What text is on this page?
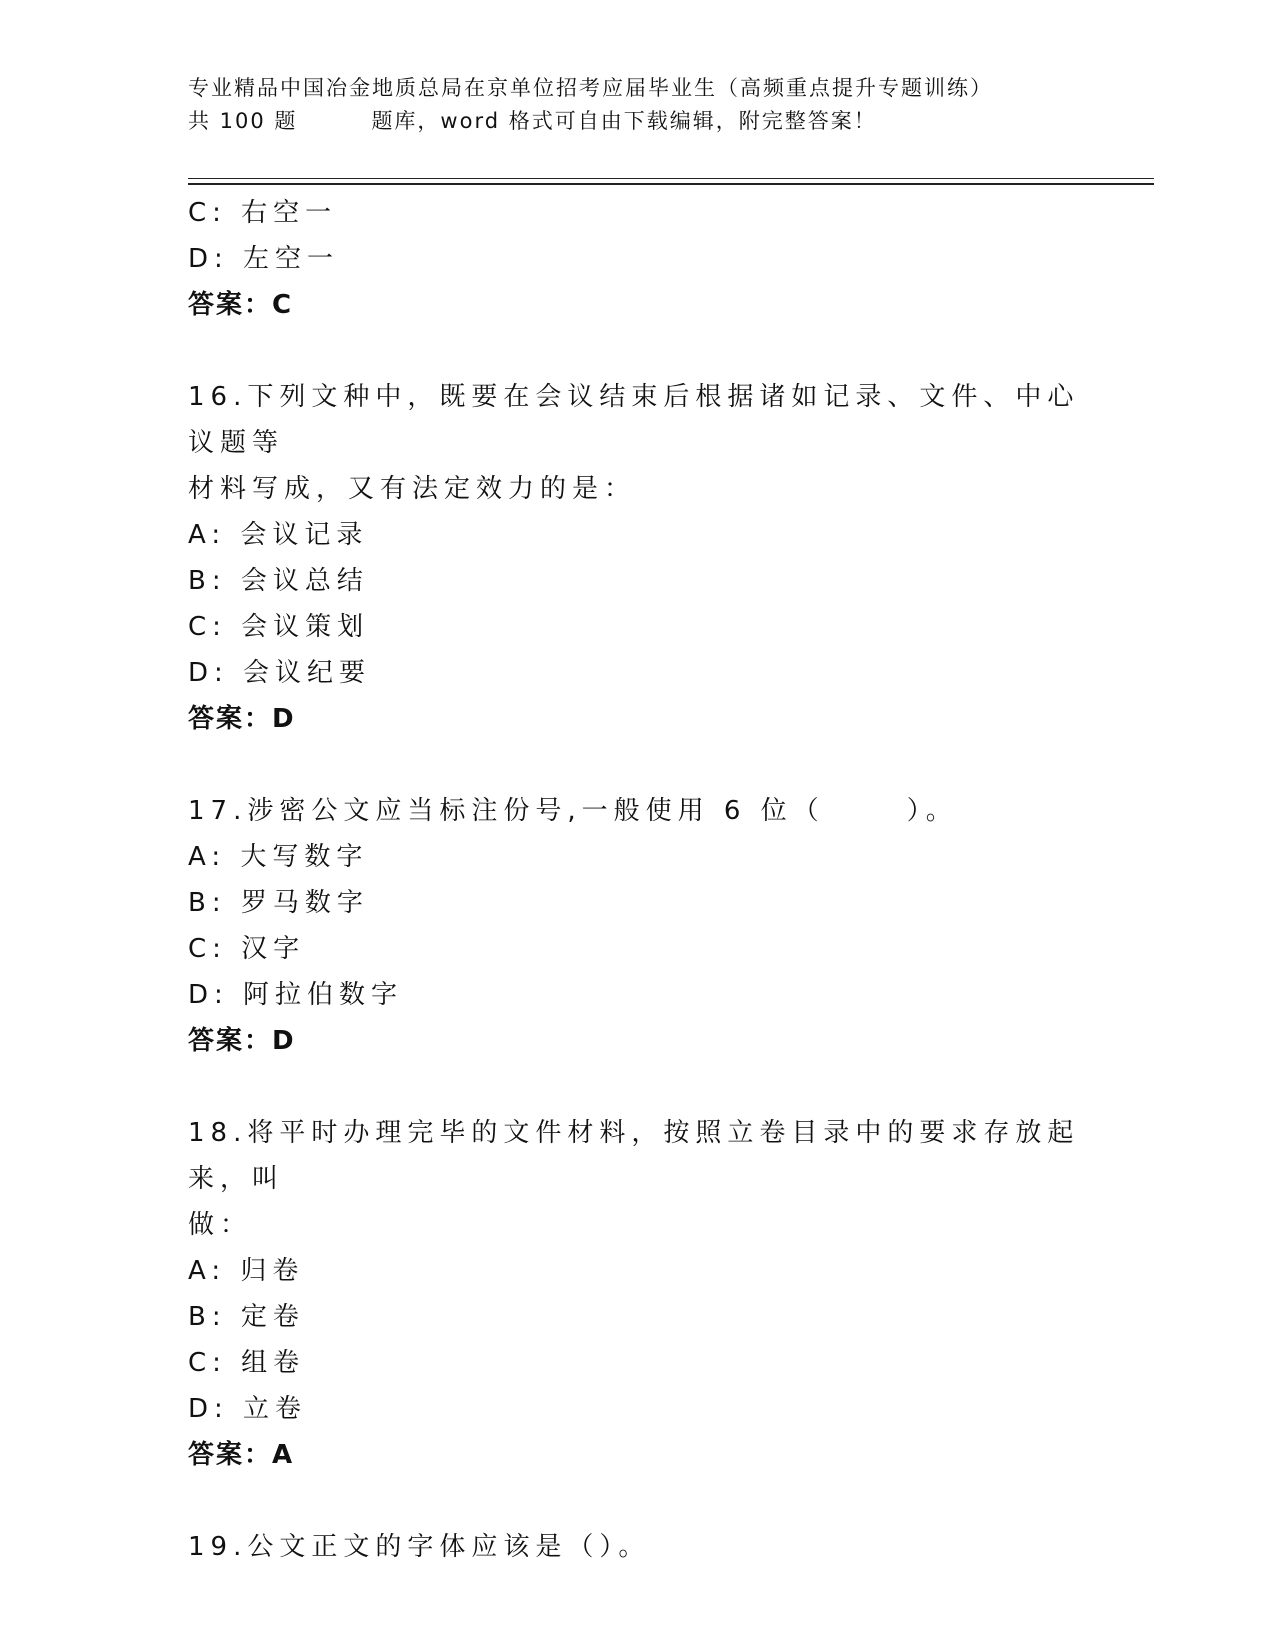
专业精品中国冶金地质总局在京单位招考应届毕业生（高频重点提升专题训练）
共 100 题	题库，word 格式可自由下载编辑，附完整答案！
C: 右空一
D: 左空一
答案：C
16.下列文种中，既要在会议结束后根据诸如记录、文件、中心议题等
材料写成，又有法定效力的是：
A: 会议记录
B: 会议总结
C: 会议策划
D: 会议纪要
答案：D
17.涉密公文应当标注份号,一般使用 6 位（	）。
A: 大写数字
B: 罗马数字
C: 汉字
D: 阿拉伯数字
答案：D
18.将平时办理完毕的文件材料，按照立卷目录中的要求存放起来，叫
做：
A: 归卷
B: 定卷
C: 组卷
D: 立卷
答案：A
19.公文正文的字体应该是（）。
